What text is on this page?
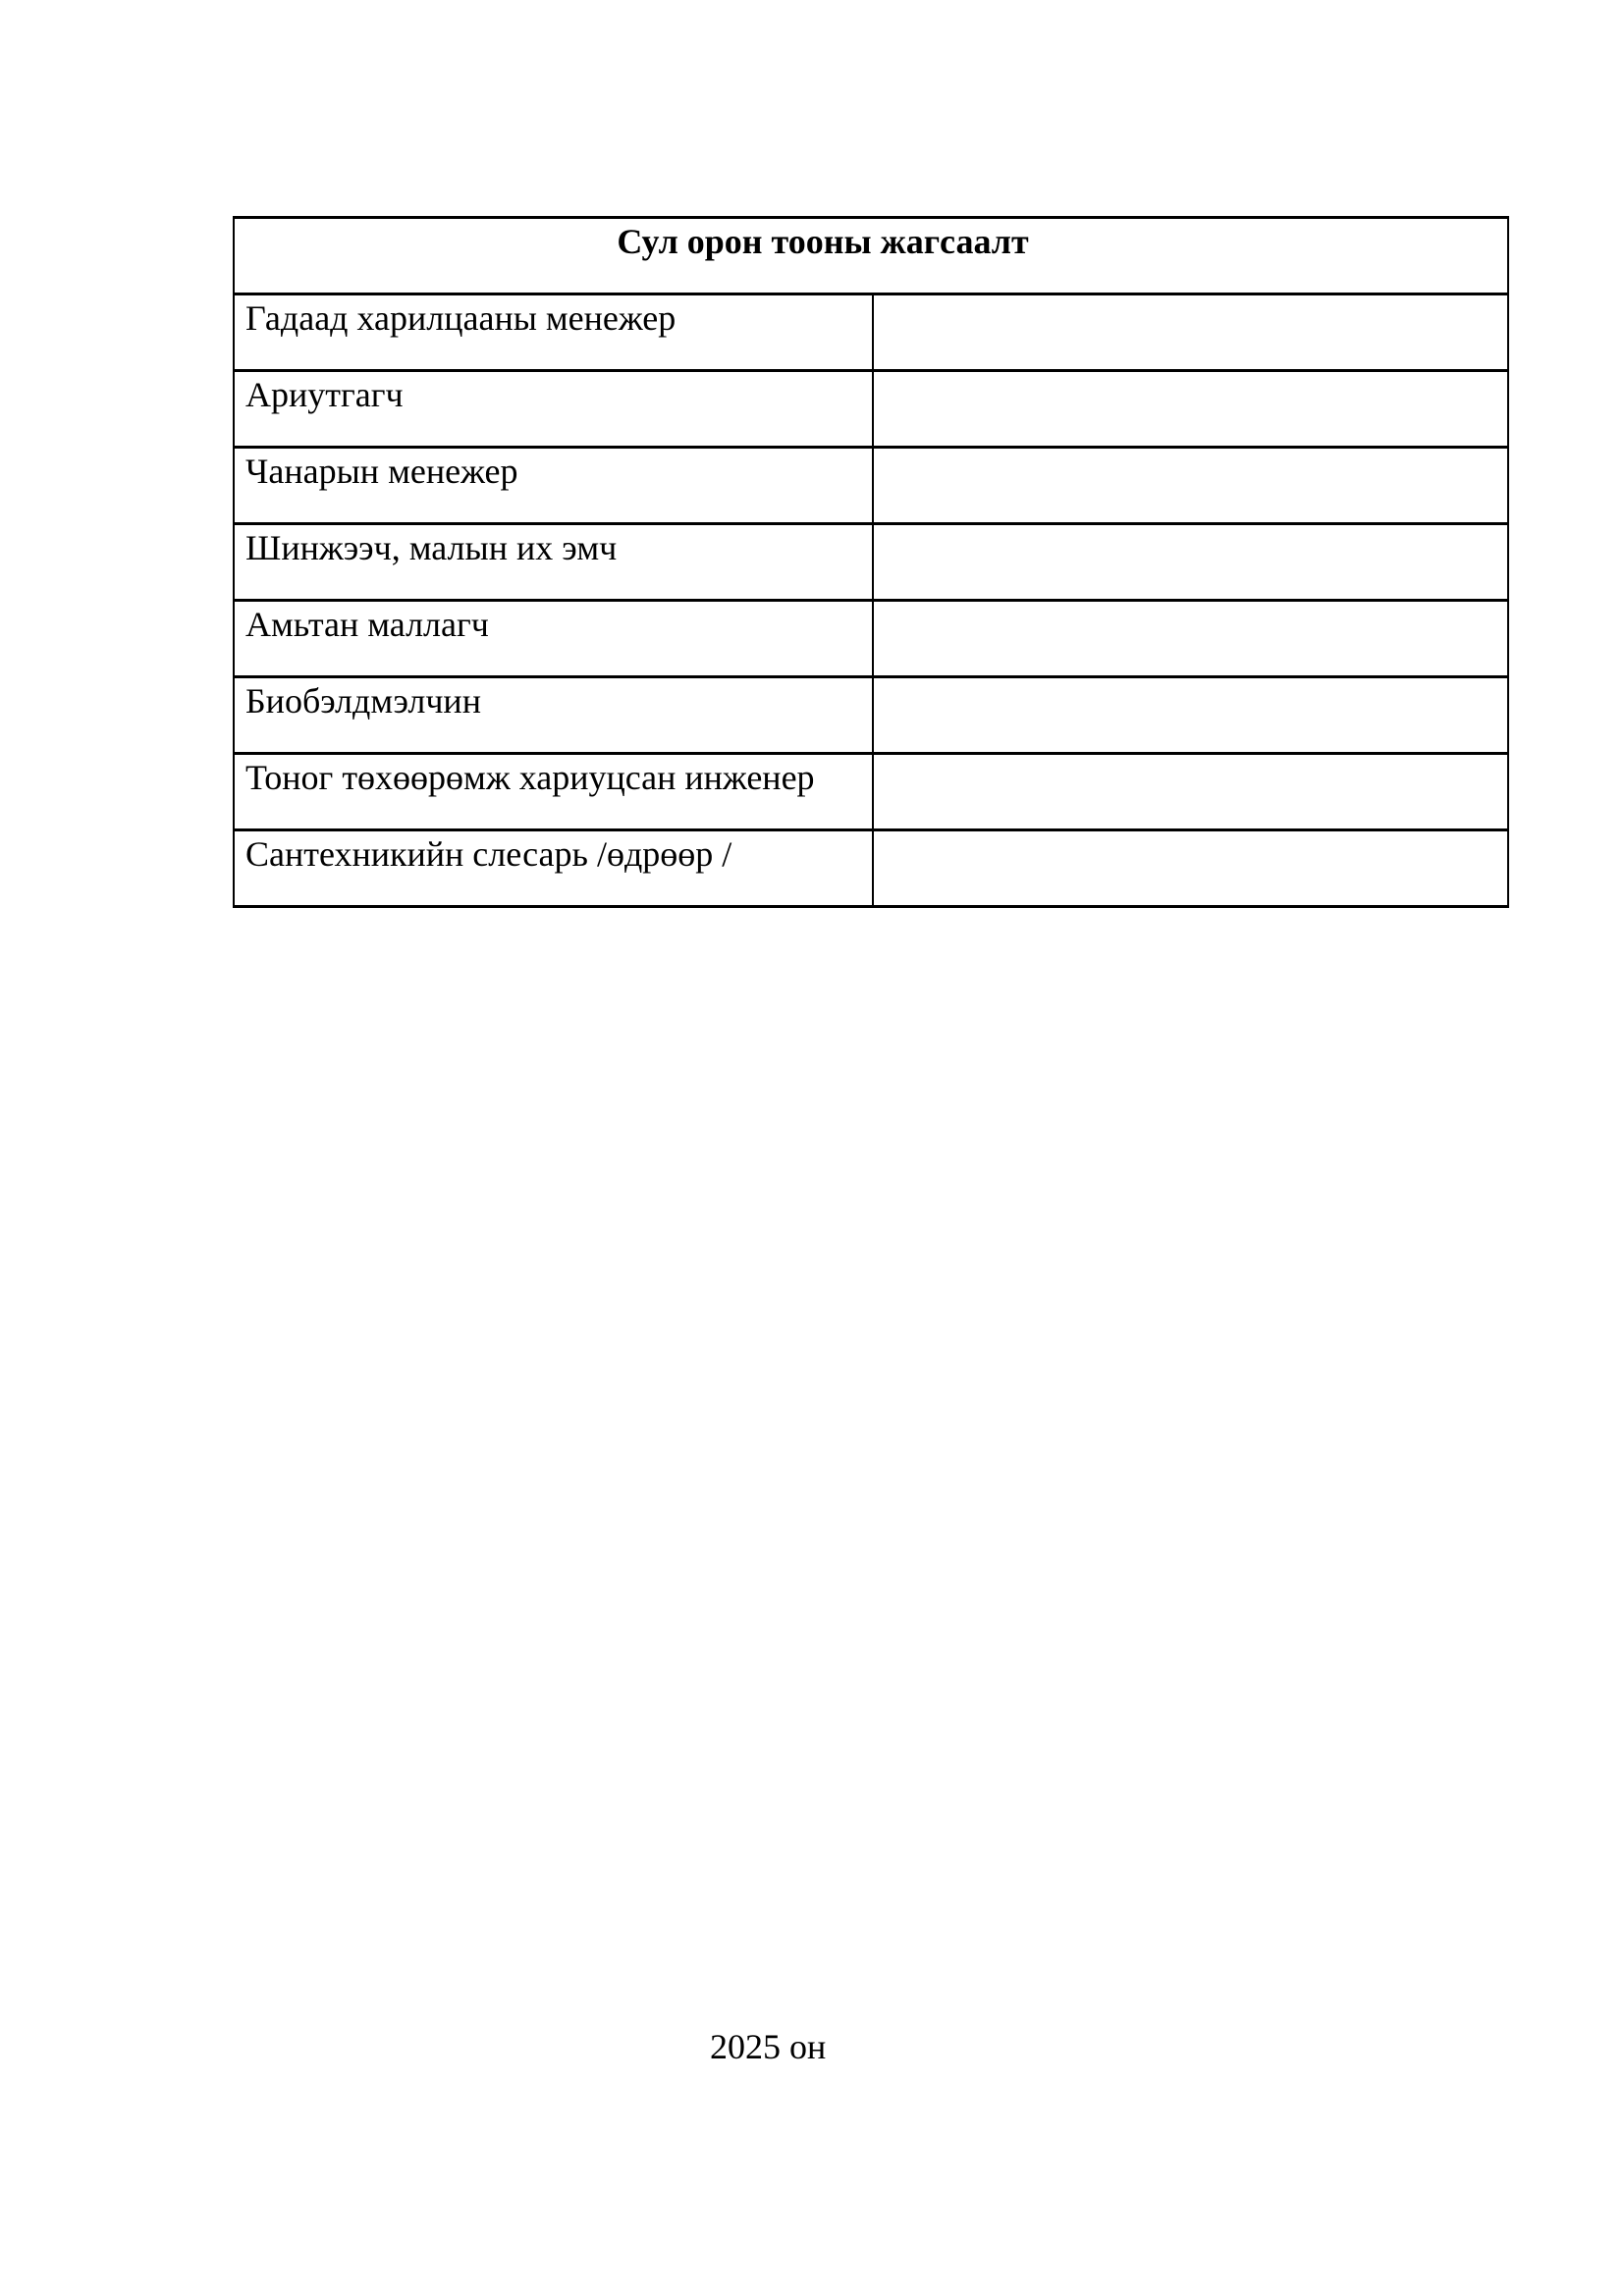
Сул орон тооны жагсаалт	
Гадаад харилцааны менежер	
Ариутгагч	
Чанарын менежер	
Шинжээч, малын их эмч	
Амьтан маллагч	
Биобэлдмэлчин	
Тоног төхөөрөмж хариуцсан инженер	
Сантехникийн слесарь /өдрөөр /	
2025 он
